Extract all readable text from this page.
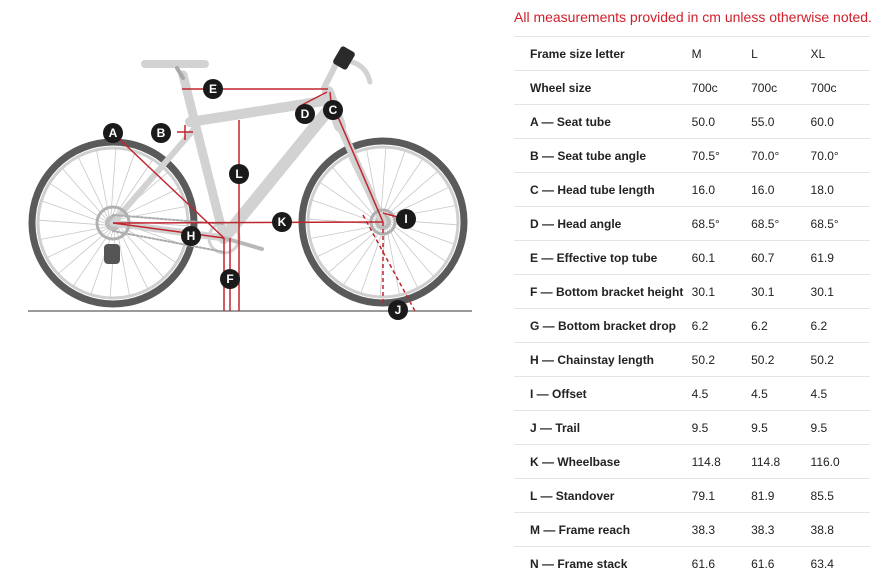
A	B
C
D
E
F
H
I
J
K
L
All measurements provided in cm unless otherwise noted.
Frame size letter	M	L	XL
Wheel size	700c	700c	700c
A — Seat tube	50.0	55.0	60.0
B — Seat tube angle	70.5°	70.0°	70.0°
C — Head tube length	16.0	16.0	18.0
D — Head angle	68.5°	68.5°	68.5°
E — Effective top tube	60.1	60.7	61.9
F — Bottom bracket height	30.1	30.1	30.1
G — Bottom bracket drop	6.2	6.2	6.2
H — Chainstay length	50.2	50.2	50.2
I — Offset	4.5	4.5	4.5
J — Trail	9.5	9.5	9.5
K — Wheelbase	114.8	114.8	116.0
L — Standover	79.1	81.9	85.5
M — Frame reach	38.3	38.3	38.8
N — Frame stack	61.6	61.6	63.4
